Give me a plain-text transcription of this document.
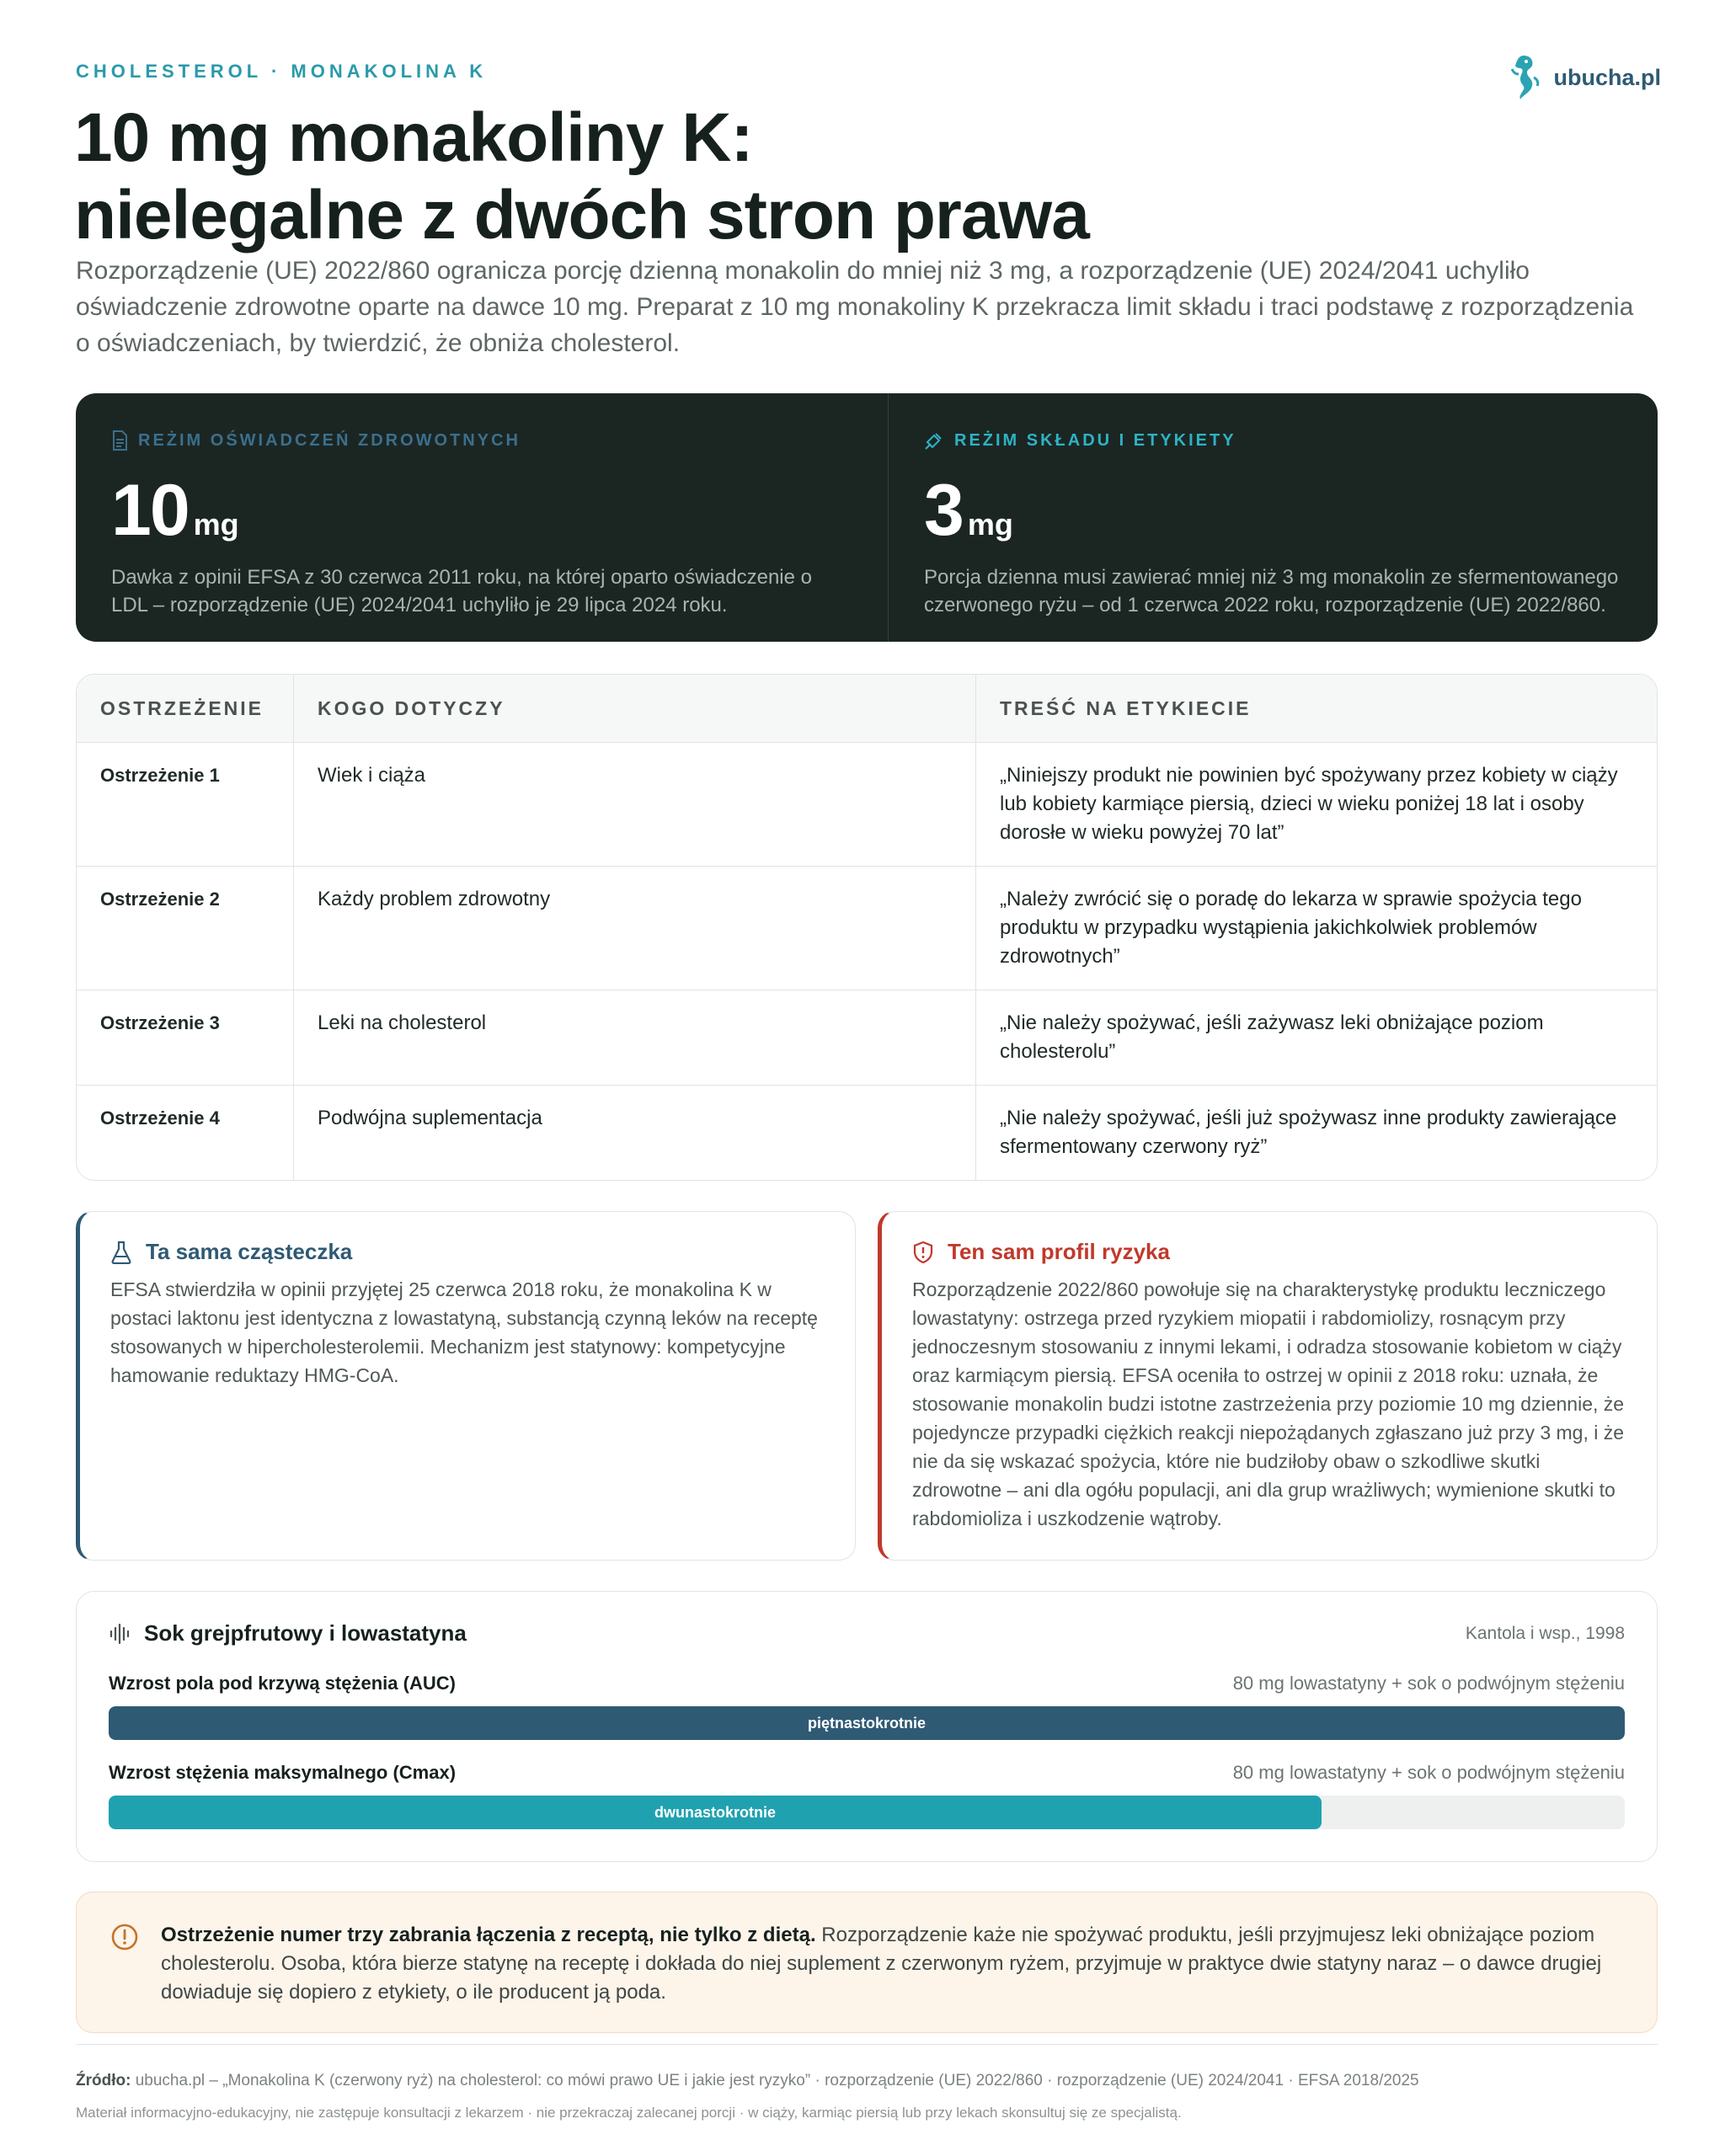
CHOLESTEROL · MONAKOLINA K	ubucha.pl
10 mg monakoliny K:
nielegalne z dwóch stron prawa

Rozporządzenie (UE) 2022/860 ogranicza porcję dzienną monakolin do mniej niż 3 mg, a rozporządzenie (UE) 2024/2041 uchyliło oświadczenie zdrowotne oparte na dawce 10 mg. Preparat z 10 mg monakoliny K przekracza limit składu i traci podstawę z rozporządzenia o oświadczeniach, by twierdzić, że obniża cholesterol.

REŻIM OŚWIADCZEŃ ZDROWOTNYCH
10 mg

Dawka z opinii EFSA z 30 czerwca 2011 roku, na której oparto oświadczenie o LDL – rozporządzenie (UE) 2024/2041 uchyliło je 29 lipca 2024 roku.

REŻIM SKŁADU I ETYKIETY
3 mg

Porcja dzienna musi zawierać mniej niż 3 mg monakolin ze sfermentowanego czerwonego ryżu – od 1 czerwca 2022 roku, rozporządzenie (UE) 2022/860.

OSTRZEŻENIE	KOGO DOTYCZY	TREŚĆ NA ETYKIECIE
Ostrzeżenie 1	Wiek i ciąża	„Niniejszy produkt nie powinien być spożywany przez kobiety w ciąży lub kobiety karmiące piersią, dzieci w wieku poniżej 18 lat i osoby dorosłe w wieku powyżej 70 lat”
Ostrzeżenie 2	Każdy problem zdrowotny	„Należy zwrócić się o poradę do lekarza w sprawie spożycia tego produktu w przypadku wystąpienia jakichkolwiek problemów zdrowotnych”
Ostrzeżenie 3	Leki na cholesterol	„Nie należy spożywać, jeśli zażywasz leki obniżające poziom cholesterolu”
Ostrzeżenie 4	Podwójna suplementacja	„Nie należy spożywać, jeśli już spożywasz inne produkty zawierające sfermentowany czerwony ryż”
Ta sama cząsteczka

EFSA stwierdziła w opinii przyjętej 25 czerwca 2018 roku, że monakolina K w postaci laktonu jest identyczna z lowastatyną, substancją czynną leków na receptę stosowanych w hipercholesterolemii. Mechanizm jest statynowy: kompetycyjne hamowanie reduktazy HMG-CoA.

Ten sam profil ryzyka

Rozporządzenie 2022/860 powołuje się na charakterystykę produktu leczniczego lowastatyny: ostrzega przed ryzykiem miopatii i rabdomiolizy, rosnącym przy jednoczesnym stosowaniu z innymi lekami, i odradza stosowanie kobietom w ciąży oraz karmiącym piersią. EFSA oceniła to ostrzej w opinii z 2018 roku: uznała, że stosowanie monakolin budzi istotne zastrzeżenia przy poziomie 10 mg dziennie, że pojedyncze przypadki ciężkich reakcji niepożądanych zgłaszano już przy 3 mg, i że nie da się wskazać spożycia, które nie budziłoby obaw o szkodliwe skutki zdrowotne – ani dla ogółu populacji, ani dla grup wrażliwych; wymienione skutki to rabdomioliza i uszkodzenie wątroby.

Sok grejpfrutowy i lowastatyna	Kantola i wsp., 1998
Wzrost pola pod krzywą stężenia (AUC)	80 mg lowastatyny + sok o podwójnym stężeniu
piętnastokrotnie
Wzrost stężenia maksymalnego (Cmax)	80 mg lowastatyny + sok o podwójnym stężeniu
dwunastokrotnie

Ostrzeżenie numer trzy zabrania łączenia z receptą, nie tylko z dietą. Rozporządzenie każe nie spożywać produktu, jeśli przyjmujesz leki obniżające poziom cholesterolu. Osoba, która bierze statynę na receptę i dokłada do niej suplement z czerwonym ryżem, przyjmuje w praktyce dwie statyny naraz – o dawce drugiej dowiaduje się dopiero z etykiety, o ile producent ją poda.

Źródło: ubucha.pl – „Monakolina K (czerwony ryż) na cholesterol: co mówi prawo UE i jakie jest ryzyko” · rozporządzenie (UE) 2022/860 · rozporządzenie (UE) 2024/2041 · EFSA 2018/2025

Materiał informacyjno-edukacyjny, nie zastępuje konsultacji z lekarzem · nie przekraczaj zalecanej porcji · w ciąży, karmiąc piersią lub przy lekach skonsultuj się ze specjalistą.
